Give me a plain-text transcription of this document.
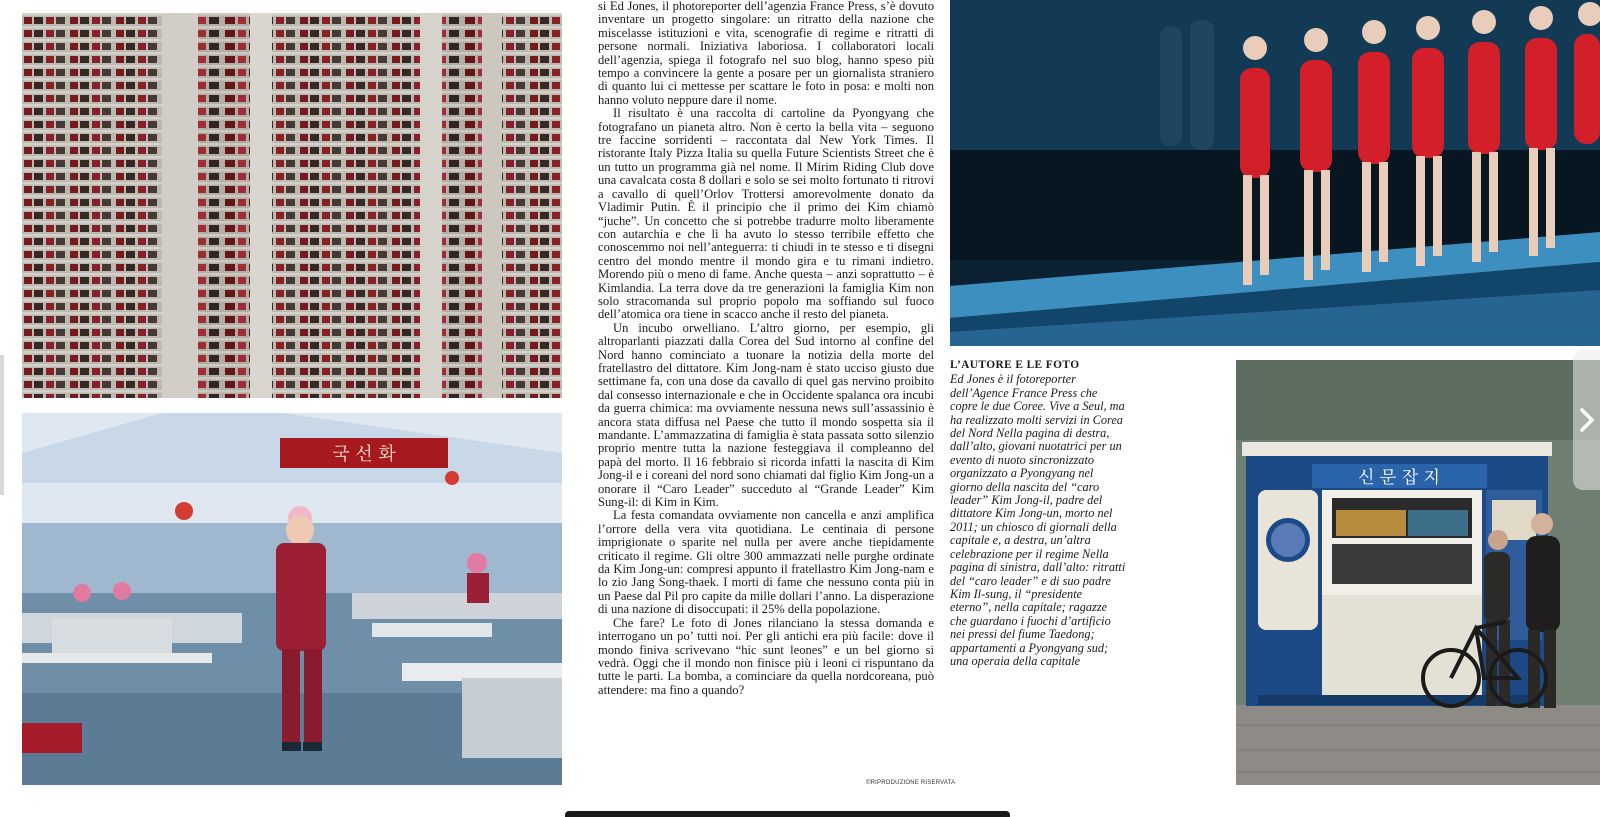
국 선 화

si Ed Jones, il photoreporter dell’agenzia France Press, s’è dovuto inventare un progetto singolare: un ritratto della nazione che miscelasse istituzioni e vita, scenografie di regime e ritratti di persone normali. Iniziativa laboriosa. I collaboratori locali dell’agenzia, spiega il fotografo nel suo blog, hanno speso più tempo a convincere la gente a posare per un giornalista straniero di quanto lui ci mettesse per scattare le foto in posa: e molti non hanno voluto neppure dare il nome.

Il risultato è una raccolta di cartoline da Pyongyang che fotografano un pianeta altro. Non è certo la bella vita – seguono tre faccine sorridenti – raccontata dal New York Times. Il ristorante Italy Pizza Italia su quella Future Scientists Street che è un tutto un programma già nel nome. Il Mirim Riding Club dove una cavalcata costa 8 dollari e solo se sei molto fortunato ti ritrovi a cavallo di quell’Orlov Trottersi amorevolmente donato da Vladimir Putin. È il principio che il primo dei Kim chiamò “juche”. Un concetto che si potrebbe tradurre molto liberamente con autarchia e che lì ha avuto lo stesso terribile effetto che conoscemmo noi nell’anteguerra: ti chiudi in te stesso e ti disegni centro del mondo mentre il mondo gira e tu rimani indietro. Morendo più o meno di fame. Anche questa – anzi soprattutto – è Kimlandia. La terra dove da tre generazioni la famiglia Kim non solo stracomanda sul proprio popolo ma soffiando sul fuoco dell’atomica ora tiene in scacco anche il resto del pianeta.

Un incubo orwelliano. L’altro giorno, per esempio, gli altroparlanti piazzati dalla Corea del Sud intorno al confine del Nord hanno cominciato a tuonare la notizia della morte del fratellastro del dittatore. Kim Jong-nam è stato ucciso giusto due settimane fa, con una dose da cavallo di quel gas nervino proibito dal consesso internazionale e che in Occidente spalanca ora incubi da guerra chimica: ma ovviamente nessuna news sull’assassinio è ancora stata diffusa nel Paese che tutto il mondo sospetta sia il mandante. L’ammazzatina di famiglia è stata passata sotto silenzio proprio mentre tutta la nazione festeggiava il compleanno del papà del morto. Il 16 febbraio si ricorda infatti la nascita di Kim Jong-il e i coreani del nord sono chiamati dal figlio Kim Jong-un a onorare il “Caro Leader” succeduto al “Grande Leader” Kim Sung-il: di Kim in Kim.

La festa comandata ovviamente non cancella e anzi amplifica l’orrore della vera vita quotidiana. Le centinaia di persone imprigionate o sparite nel nulla per avere anche tiepidamente criticato il regime. Gli oltre 300 ammazzati nelle purghe ordinate da Kim Jong-un: compresi appunto il fratellastro Kim Jong-nam e lo zio Jang Song-thaek. I morti di fame che nessuno conta più in un Paese dal Pil pro capite da mille dollari l’anno. La disperazione di una nazione di disoccupati: il 25% della popolazione.

Che fare? Le foto di Jones rilanciano la stessa domanda e interrogano un po’ tutti noi. Per gli antichi era più facile: dove il mondo finiva scrivevano “hic sunt leones” e un bel giorno si vedrà. Oggi che il mondo non finisce più i leoni ci rispuntano da tutte le parti. La bomba, a cominciare da quella nordcoreana, può attendere: ma fino a quando?

©RIPRODUZIONE RISERVATA
L’AUTORE E LE FOTO

Ed Jones è il fotoreporter dell’Agence France Press che copre le due Coree. Vive a Seul, ma ha realizzato molti servizi in Corea del Nord Nella pagina di destra, dall’alto, giovani nuotatrici per un evento di nuoto sincronizzato organizzato a Pyongyang nel giorno della nascita del “caro leader” Kim Jong-il, padre del dittatore Kim Jong-un, morto nel 2011; un chiosco di giornali della capitale e, a destra, un’altra celebrazione per il regime Nella pagina di sinistra, dall’alto: ritratti del “caro leader” e di suo padre Kim Il-sung, il “presidente eterno”, nella capitale; ragazze che guardano i fuochi d’artificio nei pressi del fiume Taedong; appartamenti a Pyongyang sud; una operaia della capitale

신 문 잡 지
